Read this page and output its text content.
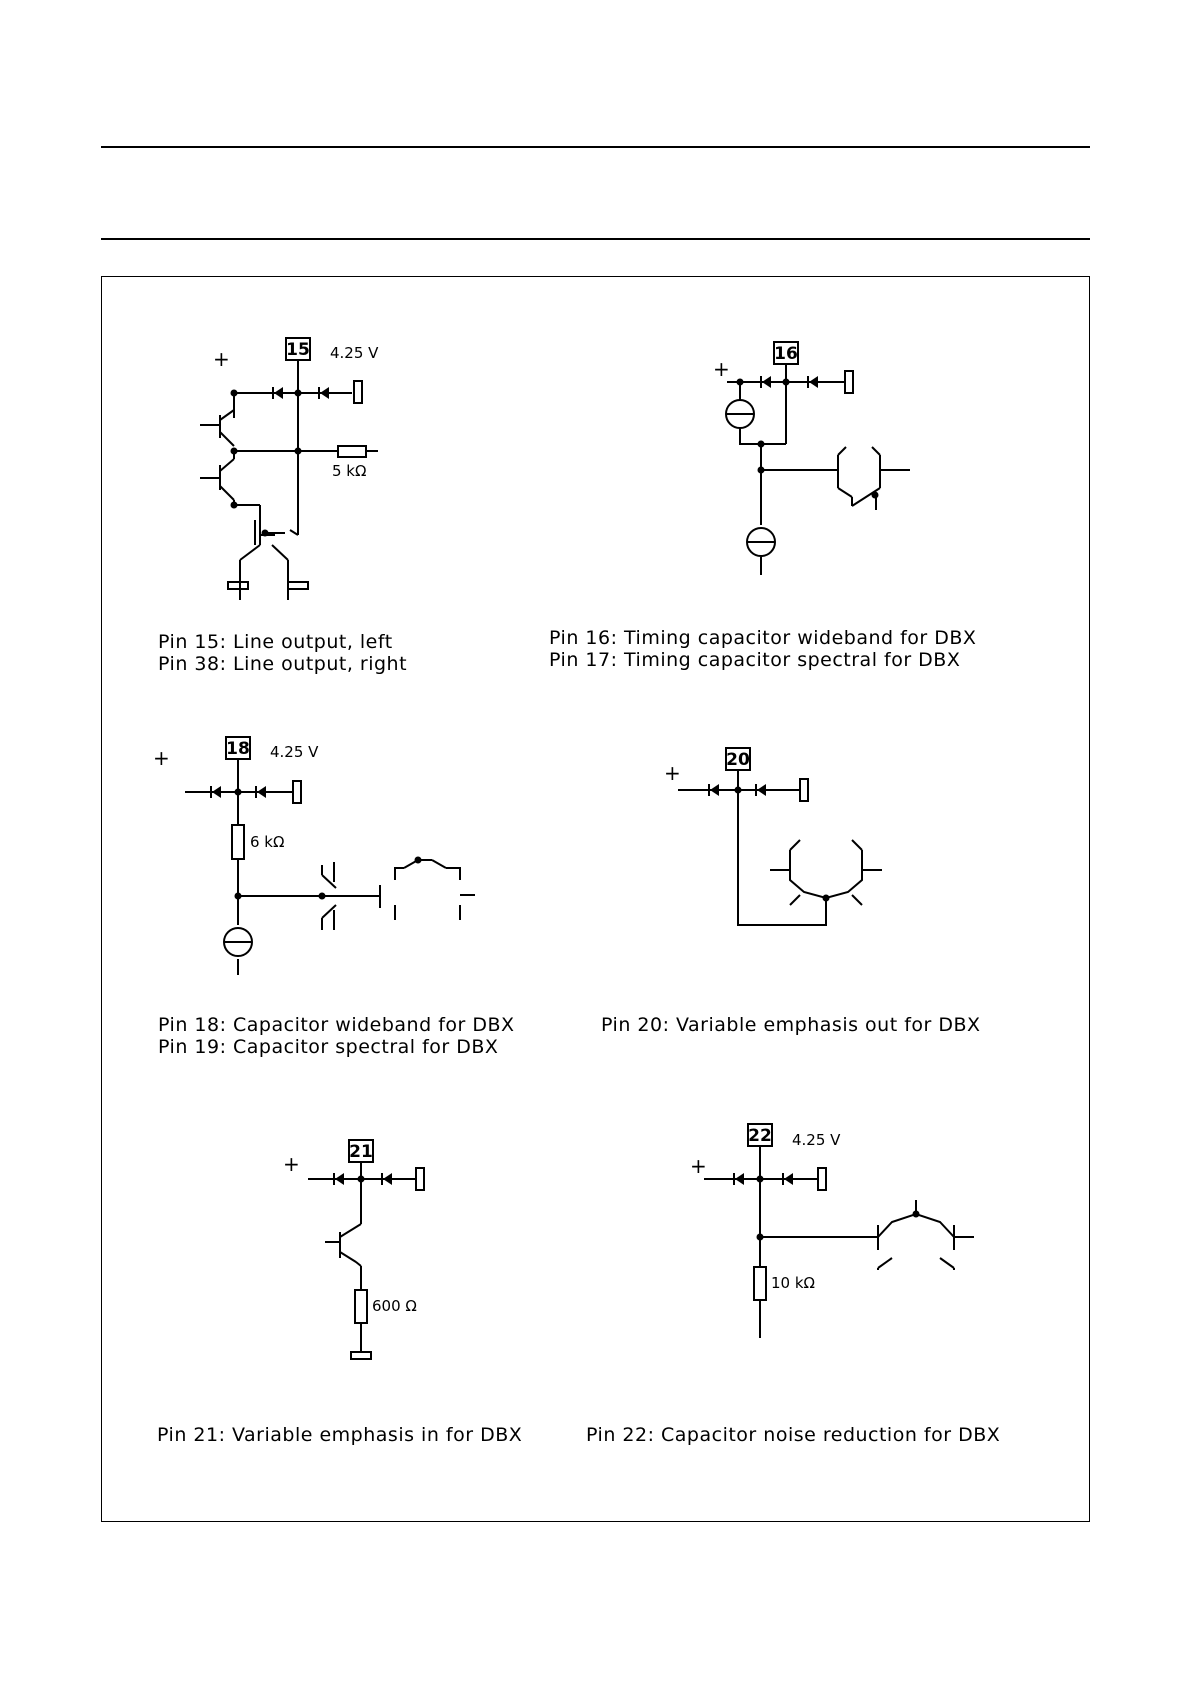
15 4.25 V
+
5 kΩ
Pin 15: Line output, left
Pin 38: Line output, right
16
+
Pin 16: Timing capacitor wideband for DBX
Pin 17: Timing capacitor spectral for DBX
18 4.25 V
+
6 kΩ
Pin 18: Capacitor wideband for DBX
Pin 19: Capacitor spectral for DBX
20
+
Pin 20: Variable emphasis out for DBX
21
+
600 Ω
Pin 21: Variable emphasis in for DBX
22 4.25 V
+
10 kΩ
Pin 22: Capacitor noise reduction for DBX
